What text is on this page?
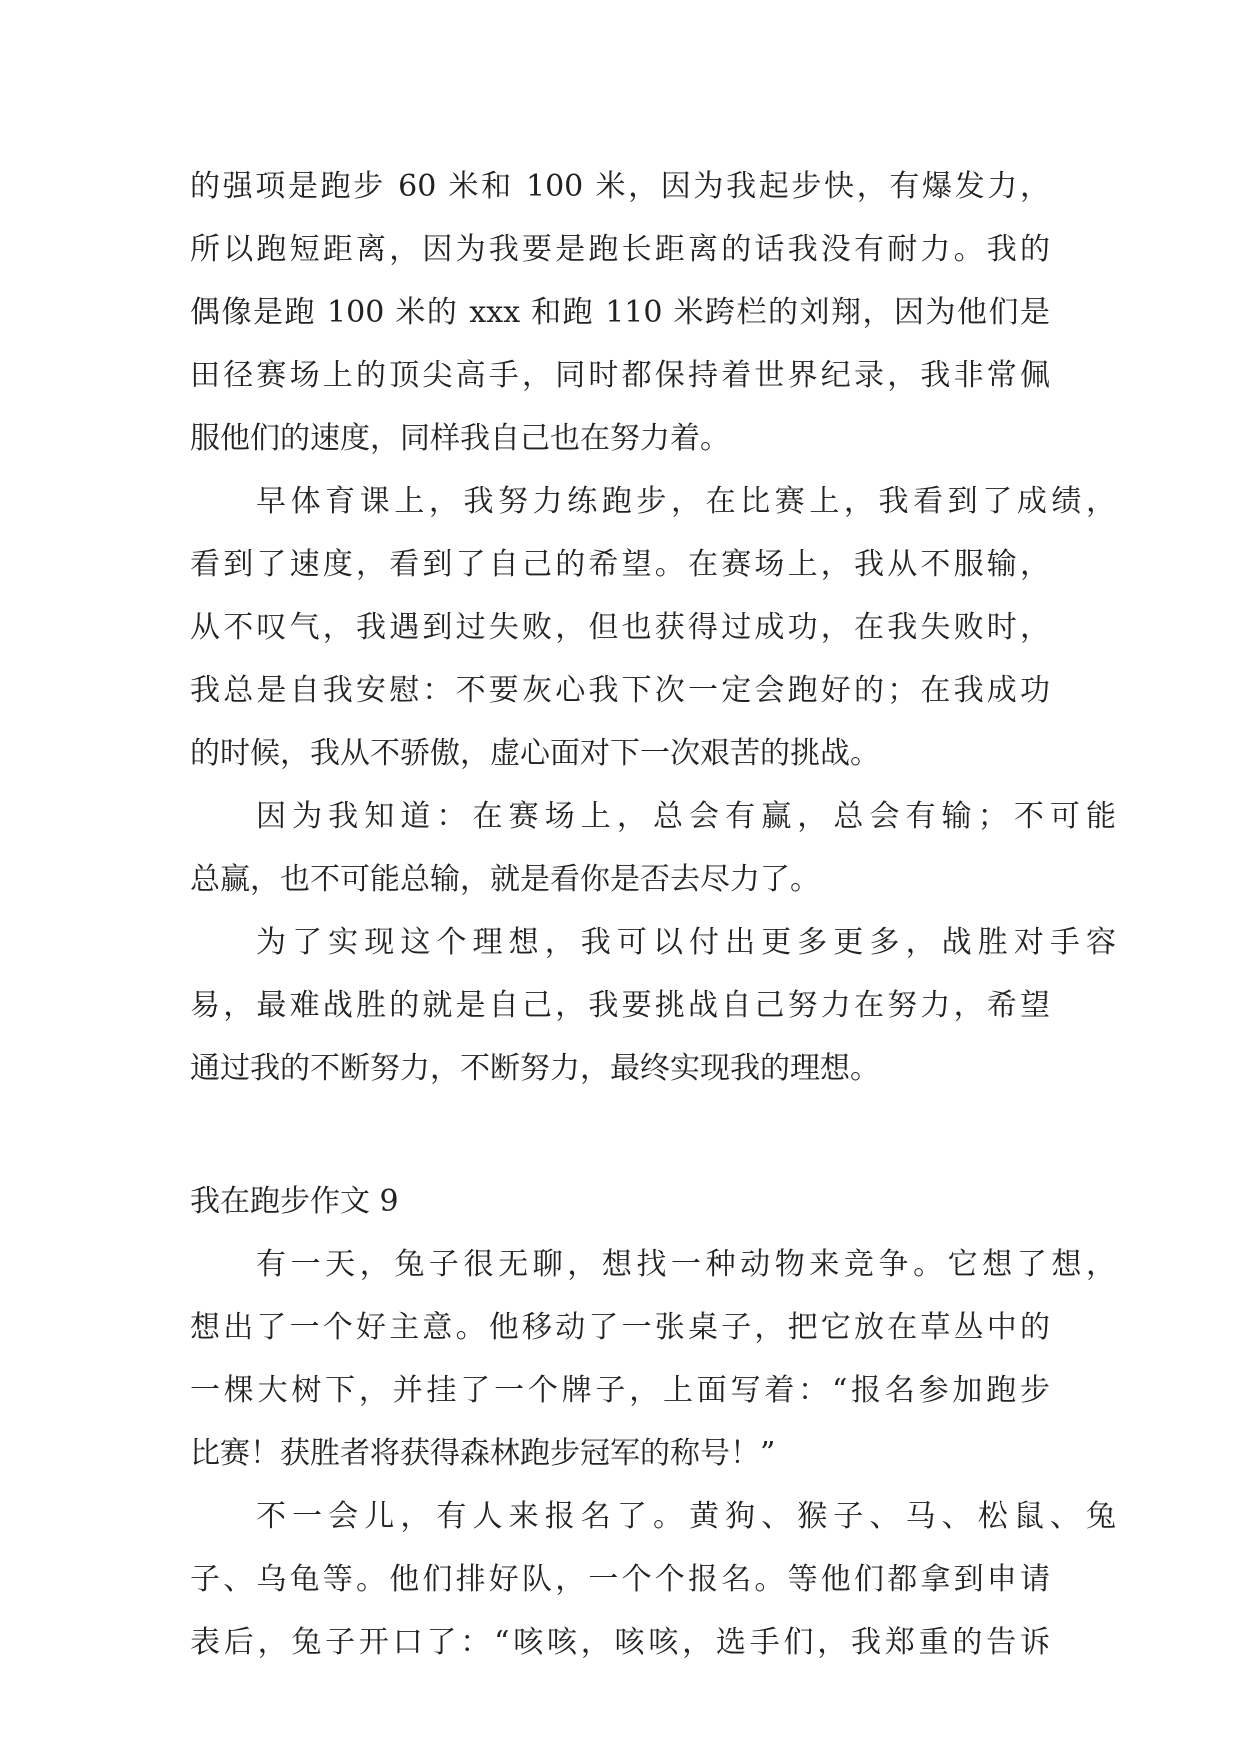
的强项是跑步 60 米和 100 米，因为我起步快，有爆发力，
所以跑短距离，因为我要是跑长距离的话我没有耐力。我的
偶像是跑 100 米的 xxx 和跑 110 米跨栏的刘翔，因为他们是
田径赛场上的顶尖高手，同时都保持着世界纪录，我非常佩
服他们的速度，同样我自己也在努力着。
早体育课上，我努力练跑步，在比赛上，我看到了成绩，
看到了速度，看到了自己的希望。在赛场上，我从不服输，
从不叹气，我遇到过失败，但也获得过成功，在我失败时，
我总是自我安慰：不要灰心我下次一定会跑好的；在我成功
的时候，我从不骄傲，虚心面对下一次艰苦的挑战。
因为我知道：在赛场上，总会有赢，总会有输；不可能
总赢，也不可能总输，就是看你是否去尽力了。
为了实现这个理想，我可以付出更多更多，战胜对手容
易，最难战胜的就是自己，我要挑战自己努力在努力，希望
通过我的不断努力，不断努力，最终实现我的理想。
我在跑步作文 9
有一天，兔子很无聊，想找一种动物来竞争。它想了想，
想出了一个好主意。他移动了一张桌子，把它放在草丛中的
一棵大树下，并挂了一个牌子，上面写着：“报名参加跑步
比赛！获胜者将获得森林跑步冠军的称号！”
不一会儿，有人来报名了。黄狗、猴子、马、松鼠、兔
子、乌龟等。他们排好队，一个个报名。等他们都拿到申请
表后，兔子开口了：“咳咳，咳咳，选手们，我郑重的告诉
